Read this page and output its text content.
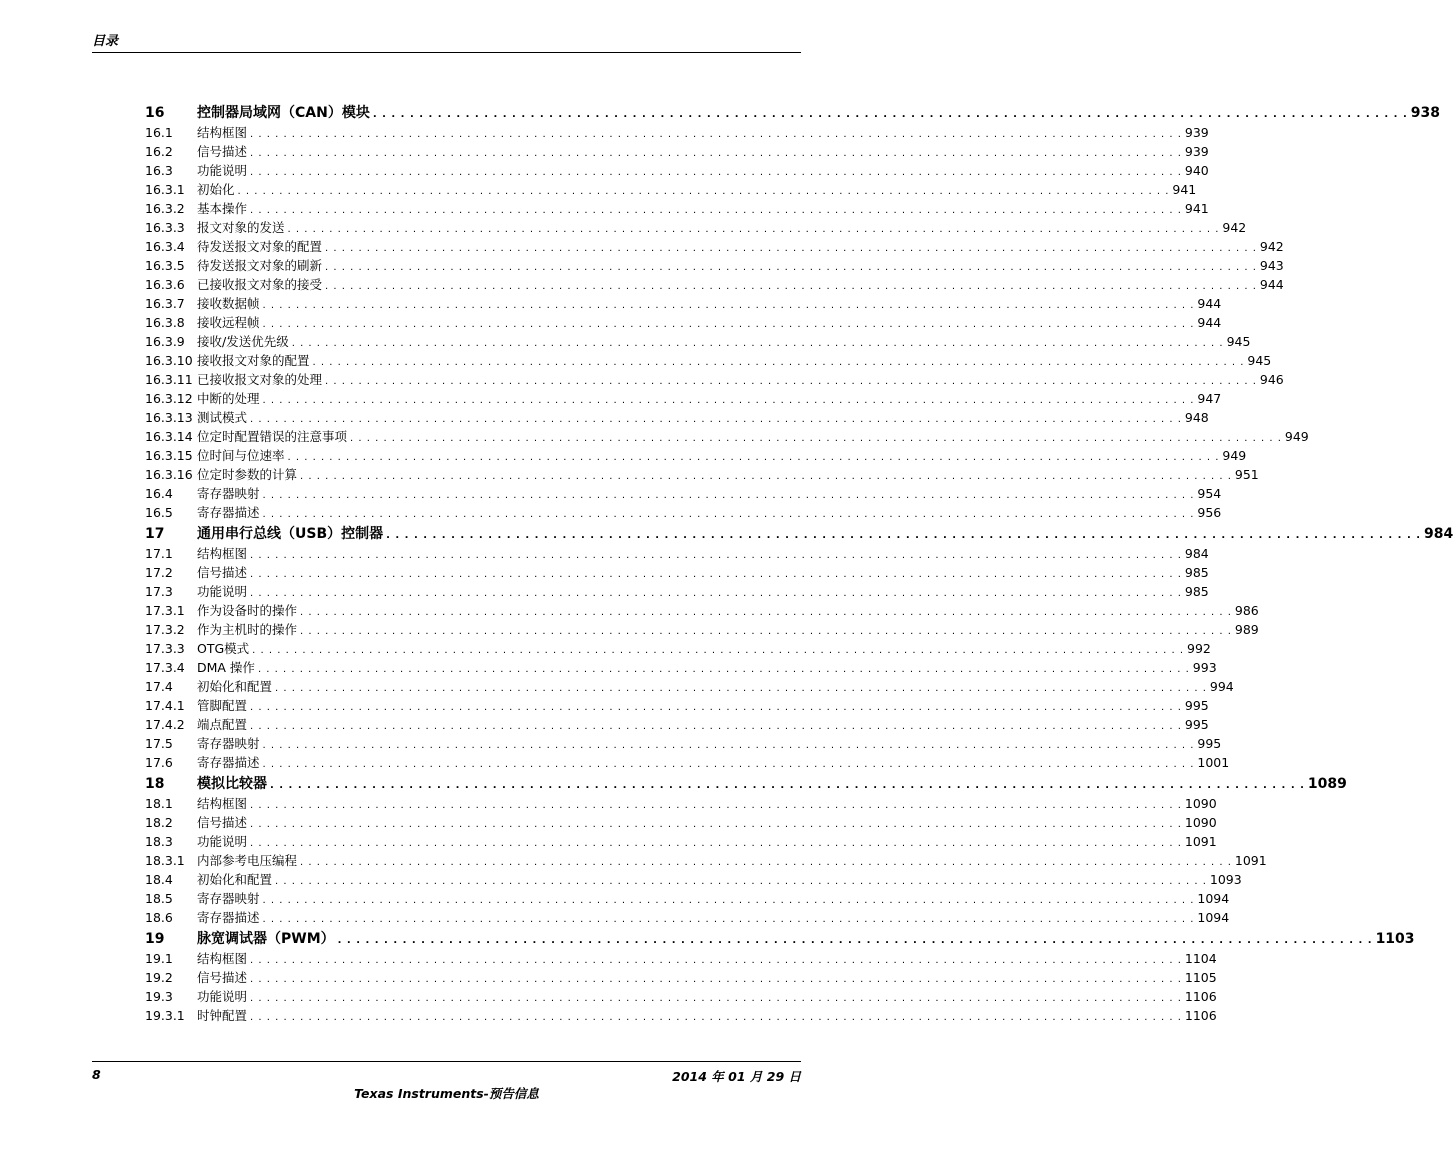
目录
16	控制器局域网（CAN）模块 . . . . . . . . . . . . . . . . . . . . . . . . . . . . . . . . . . . . . . . . . . . . . . . . . . . . . . . . . . . . . . . . . . . . . . . . . . . . . . . . . . . . . . . . . . . . . . . . . . . . . . . . . . . . . . . . 938
16.1	结构框图 . . . . . . . . . . . . . . . . . . . . . . . . . . . . . . . . . . . . . . . . . . . . . . . . . . . . . . . . . . . . . . . . . . . . . . . . . . . . . . . . . . . . . . . . . . . . . . . . . . . . . . . . . . . . . . . . 939
16.2	信号描述 . . . . . . . . . . . . . . . . . . . . . . . . . . . . . . . . . . . . . . . . . . . . . . . . . . . . . . . . . . . . . . . . . . . . . . . . . . . . . . . . . . . . . . . . . . . . . . . . . . . . . . . . . . . . . . . . 939
16.3	功能说明 . . . . . . . . . . . . . . . . . . . . . . . . . . . . . . . . . . . . . . . . . . . . . . . . . . . . . . . . . . . . . . . . . . . . . . . . . . . . . . . . . . . . . . . . . . . . . . . . . . . . . . . . . . . . . . . . 940
16.3.1 初始化 . . . . . . . . . . . . . . . . . . . . . . . . . . . . . . . . . . . . . . . . . . . . . . . . . . . . . . . . . . . . . . . . . . . . . . . . . . . . . . . . . . . . . . . . . . . . . . . . . . . . . . . . . . . . . . . . 941
16.3.2 基本操作 . . . . . . . . . . . . . . . . . . . . . . . . . . . . . . . . . . . . . . . . . . . . . . . . . . . . . . . . . . . . . . . . . . . . . . . . . . . . . . . . . . . . . . . . . . . . . . . . . . . . . . . . . . . . . . . . 941
16.3.3 报文对象的发送 . . . . . . . . . . . . . . . . . . . . . . . . . . . . . . . . . . . . . . . . . . . . . . . . . . . . . . . . . . . . . . . . . . . . . . . . . . . . . . . . . . . . . . . . . . . . . . . . . . . . . . . . . . . . . . . . 942
16.3.4 待发送报文对象的配置 . . . . . . . . . . . . . . . . . . . . . . . . . . . . . . . . . . . . . . . . . . . . . . . . . . . . . . . . . . . . . . . . . . . . . . . . . . . . . . . . . . . . . . . . . . . . . . . . . . . . . . . . . . . . . . . . 942
16.3.5 待发送报文对象的刷新 . . . . . . . . . . . . . . . . . . . . . . . . . . . . . . . . . . . . . . . . . . . . . . . . . . . . . . . . . . . . . . . . . . . . . . . . . . . . . . . . . . . . . . . . . . . . . . . . . . . . . . . . . . . . . . . . 943
16.3.6 已接收报文对象的接受 . . . . . . . . . . . . . . . . . . . . . . . . . . . . . . . . . . . . . . . . . . . . . . . . . . . . . . . . . . . . . . . . . . . . . . . . . . . . . . . . . . . . . . . . . . . . . . . . . . . . . . . . . . . . . . . . 944
16.3.7 接收数据帧 . . . . . . . . . . . . . . . . . . . . . . . . . . . . . . . . . . . . . . . . . . . . . . . . . . . . . . . . . . . . . . . . . . . . . . . . . . . . . . . . . . . . . . . . . . . . . . . . . . . . . . . . . . . . . . . . 944
16.3.8 接收远程帧 . . . . . . . . . . . . . . . . . . . . . . . . . . . . . . . . . . . . . . . . . . . . . . . . . . . . . . . . . . . . . . . . . . . . . . . . . . . . . . . . . . . . . . . . . . . . . . . . . . . . . . . . . . . . . . . . 944
16.3.9 接收/发送优先级 . . . . . . . . . . . . . . . . . . . . . . . . . . . . . . . . . . . . . . . . . . . . . . . . . . . . . . . . . . . . . . . . . . . . . . . . . . . . . . . . . . . . . . . . . . . . . . . . . . . . . . . . . . . . . . . . 945
16.3.10 接收报文对象的配置 . . . . . . . . . . . . . . . . . . . . . . . . . . . . . . . . . . . . . . . . . . . . . . . . . . . . . . . . . . . . . . . . . . . . . . . . . . . . . . . . . . . . . . . . . . . . . . . . . . . . . . . . . . . . . . . . 945
16.3.11 已接收报文对象的处理 . . . . . . . . . . . . . . . . . . . . . . . . . . . . . . . . . . . . . . . . . . . . . . . . . . . . . . . . . . . . . . . . . . . . . . . . . . . . . . . . . . . . . . . . . . . . . . . . . . . . . . . . . . . . . . . . 946
16.3.12 中断的处理 . . . . . . . . . . . . . . . . . . . . . . . . . . . . . . . . . . . . . . . . . . . . . . . . . . . . . . . . . . . . . . . . . . . . . . . . . . . . . . . . . . . . . . . . . . . . . . . . . . . . . . . . . . . . . . . . 947
16.3.13 测试模式 . . . . . . . . . . . . . . . . . . . . . . . . . . . . . . . . . . . . . . . . . . . . . . . . . . . . . . . . . . . . . . . . . . . . . . . . . . . . . . . . . . . . . . . . . . . . . . . . . . . . . . . . . . . . . . . . 948
16.3.14 位定时配置错误的注意事项 . . . . . . . . . . . . . . . . . . . . . . . . . . . . . . . . . . . . . . . . . . . . . . . . . . . . . . . . . . . . . . . . . . . . . . . . . . . . . . . . . . . . . . . . . . . . . . . . . . . . . . . . . . . . . . . . 949
16.3.15 位时间与位速率 . . . . . . . . . . . . . . . . . . . . . . . . . . . . . . . . . . . . . . . . . . . . . . . . . . . . . . . . . . . . . . . . . . . . . . . . . . . . . . . . . . . . . . . . . . . . . . . . . . . . . . . . . . . . . . . . 949
16.3.16 位定时参数的计算 . . . . . . . . . . . . . . . . . . . . . . . . . . . . . . . . . . . . . . . . . . . . . . . . . . . . . . . . . . . . . . . . . . . . . . . . . . . . . . . . . . . . . . . . . . . . . . . . . . . . . . . . . . . . . . . . 951
16.4	寄存器映射 . . . . . . . . . . . . . . . . . . . . . . . . . . . . . . . . . . . . . . . . . . . . . . . . . . . . . . . . . . . . . . . . . . . . . . . . . . . . . . . . . . . . . . . . . . . . . . . . . . . . . . . . . . . . . . . . 954
16.5	寄存器描述 . . . . . . . . . . . . . . . . . . . . . . . . . . . . . . . . . . . . . . . . . . . . . . . . . . . . . . . . . . . . . . . . . . . . . . . . . . . . . . . . . . . . . . . . . . . . . . . . . . . . . . . . . . . . . . . . 956
17	通用串行总线（USB）控制器 . . . . . . . . . . . . . . . . . . . . . . . . . . . . . . . . . . . . . . . . . . . . . . . . . . . . . . . . . . . . . . . . . . . . . . . . . . . . . . . . . . . . . . . . . . . . . . . . . . . . . . . . . . . . . . . . 984
17.1	结构框图 . . . . . . . . . . . . . . . . . . . . . . . . . . . . . . . . . . . . . . . . . . . . . . . . . . . . . . . . . . . . . . . . . . . . . . . . . . . . . . . . . . . . . . . . . . . . . . . . . . . . . . . . . . . . . . . . 984
17.2	信号描述 . . . . . . . . . . . . . . . . . . . . . . . . . . . . . . . . . . . . . . . . . . . . . . . . . . . . . . . . . . . . . . . . . . . . . . . . . . . . . . . . . . . . . . . . . . . . . . . . . . . . . . . . . . . . . . . . 985
17.3	功能说明 . . . . . . . . . . . . . . . . . . . . . . . . . . . . . . . . . . . . . . . . . . . . . . . . . . . . . . . . . . . . . . . . . . . . . . . . . . . . . . . . . . . . . . . . . . . . . . . . . . . . . . . . . . . . . . . . 985
17.3.1 作为设备时的操作 . . . . . . . . . . . . . . . . . . . . . . . . . . . . . . . . . . . . . . . . . . . . . . . . . . . . . . . . . . . . . . . . . . . . . . . . . . . . . . . . . . . . . . . . . . . . . . . . . . . . . . . . . . . . . . . . 986
17.3.2 作为主机时的操作 . . . . . . . . . . . . . . . . . . . . . . . . . . . . . . . . . . . . . . . . . . . . . . . . . . . . . . . . . . . . . . . . . . . . . . . . . . . . . . . . . . . . . . . . . . . . . . . . . . . . . . . . . . . . . . . . 989
17.3.3 OTG模式 . . . . . . . . . . . . . . . . . . . . . . . . . . . . . . . . . . . . . . . . . . . . . . . . . . . . . . . . . . . . . . . . . . . . . . . . . . . . . . . . . . . . . . . . . . . . . . . . . . . . . . . . . . . . . . . . 992
17.3.4 DMA 操作 . . . . . . . . . . . . . . . . . . . . . . . . . . . . . . . . . . . . . . . . . . . . . . . . . . . . . . . . . . . . . . . . . . . . . . . . . . . . . . . . . . . . . . . . . . . . . . . . . . . . . . . . . . . . . . . . 993
17.4	初始化和配置 . . . . . . . . . . . . . . . . . . . . . . . . . . . . . . . . . . . . . . . . . . . . . . . . . . . . . . . . . . . . . . . . . . . . . . . . . . . . . . . . . . . . . . . . . . . . . . . . . . . . . . . . . . . . . . . . 994
17.4.1 管脚配置 . . . . . . . . . . . . . . . . . . . . . . . . . . . . . . . . . . . . . . . . . . . . . . . . . . . . . . . . . . . . . . . . . . . . . . . . . . . . . . . . . . . . . . . . . . . . . . . . . . . . . . . . . . . . . . . . 995
17.4.2 端点配置 . . . . . . . . . . . . . . . . . . . . . . . . . . . . . . . . . . . . . . . . . . . . . . . . . . . . . . . . . . . . . . . . . . . . . . . . . . . . . . . . . . . . . . . . . . . . . . . . . . . . . . . . . . . . . . . . 995
17.5	寄存器映射 . . . . . . . . . . . . . . . . . . . . . . . . . . . . . . . . . . . . . . . . . . . . . . . . . . . . . . . . . . . . . . . . . . . . . . . . . . . . . . . . . . . . . . . . . . . . . . . . . . . . . . . . . . . . . . . . 995
17.6	寄存器描述 . . . . . . . . . . . . . . . . . . . . . . . . . . . . . . . . . . . . . . . . . . . . . . . . . . . . . . . . . . . . . . . . . . . . . . . . . . . . . . . . . . . . . . . . . . . . . . . . . . . . . . . . . . . . . . . . 1001
18	模拟比较器 . . . . . . . . . . . . . . . . . . . . . . . . . . . . . . . . . . . . . . . . . . . . . . . . . . . . . . . . . . . . . . . . . . . . . . . . . . . . . . . . . . . . . . . . . . . . . . . . . . . . . . . . . . . . . . . . 1089
18.1	结构框图 . . . . . . . . . . . . . . . . . . . . . . . . . . . . . . . . . . . . . . . . . . . . . . . . . . . . . . . . . . . . . . . . . . . . . . . . . . . . . . . . . . . . . . . . . . . . . . . . . . . . . . . . . . . . . . . . 1090
18.2	信号描述 . . . . . . . . . . . . . . . . . . . . . . . . . . . . . . . . . . . . . . . . . . . . . . . . . . . . . . . . . . . . . . . . . . . . . . . . . . . . . . . . . . . . . . . . . . . . . . . . . . . . . . . . . . . . . . . . 1090
18.3	功能说明 . . . . . . . . . . . . . . . . . . . . . . . . . . . . . . . . . . . . . . . . . . . . . . . . . . . . . . . . . . . . . . . . . . . . . . . . . . . . . . . . . . . . . . . . . . . . . . . . . . . . . . . . . . . . . . . . 1091
18.3.1 内部参考电压编程 . . . . . . . . . . . . . . . . . . . . . . . . . . . . . . . . . . . . . . . . . . . . . . . . . . . . . . . . . . . . . . . . . . . . . . . . . . . . . . . . . . . . . . . . . . . . . . . . . . . . . . . . . . . . . . . . 1091
18.4	初始化和配置 . . . . . . . . . . . . . . . . . . . . . . . . . . . . . . . . . . . . . . . . . . . . . . . . . . . . . . . . . . . . . . . . . . . . . . . . . . . . . . . . . . . . . . . . . . . . . . . . . . . . . . . . . . . . . . . . 1093
18.5	寄存器映射 . . . . . . . . . . . . . . . . . . . . . . . . . . . . . . . . . . . . . . . . . . . . . . . . . . . . . . . . . . . . . . . . . . . . . . . . . . . . . . . . . . . . . . . . . . . . . . . . . . . . . . . . . . . . . . . . 1094
18.6	寄存器描述 . . . . . . . . . . . . . . . . . . . . . . . . . . . . . . . . . . . . . . . . . . . . . . . . . . . . . . . . . . . . . . . . . . . . . . . . . . . . . . . . . . . . . . . . . . . . . . . . . . . . . . . . . . . . . . . . 1094
19	脉宽调试器（PWM） . . . . . . . . . . . . . . . . . . . . . . . . . . . . . . . . . . . . . . . . . . . . . . . . . . . . . . . . . . . . . . . . . . . . . . . . . . . . . . . . . . . . . . . . . . . . . . . . . . . . . . . . . . . . . . . . 1103
19.1	结构框图 . . . . . . . . . . . . . . . . . . . . . . . . . . . . . . . . . . . . . . . . . . . . . . . . . . . . . . . . . . . . . . . . . . . . . . . . . . . . . . . . . . . . . . . . . . . . . . . . . . . . . . . . . . . . . . . . 1104
19.2	信号描述 . . . . . . . . . . . . . . . . . . . . . . . . . . . . . . . . . . . . . . . . . . . . . . . . . . . . . . . . . . . . . . . . . . . . . . . . . . . . . . . . . . . . . . . . . . . . . . . . . . . . . . . . . . . . . . . . 1105
19.3	功能说明 . . . . . . . . . . . . . . . . . . . . . . . . . . . . . . . . . . . . . . . . . . . . . . . . . . . . . . . . . . . . . . . . . . . . . . . . . . . . . . . . . . . . . . . . . . . . . . . . . . . . . . . . . . . . . . . . 1106
19.3.1 时钟配置 . . . . . . . . . . . . . . . . . . . . . . . . . . . . . . . . . . . . . . . . . . . . . . . . . . . . . . . . . . . . . . . . . . . . . . . . . . . . . . . . . . . . . . . . . . . . . . . . . . . . . . . . . . . . . . . . 1106
8	2014 年 01 月 29 日
Texas Instruments-预告信息
